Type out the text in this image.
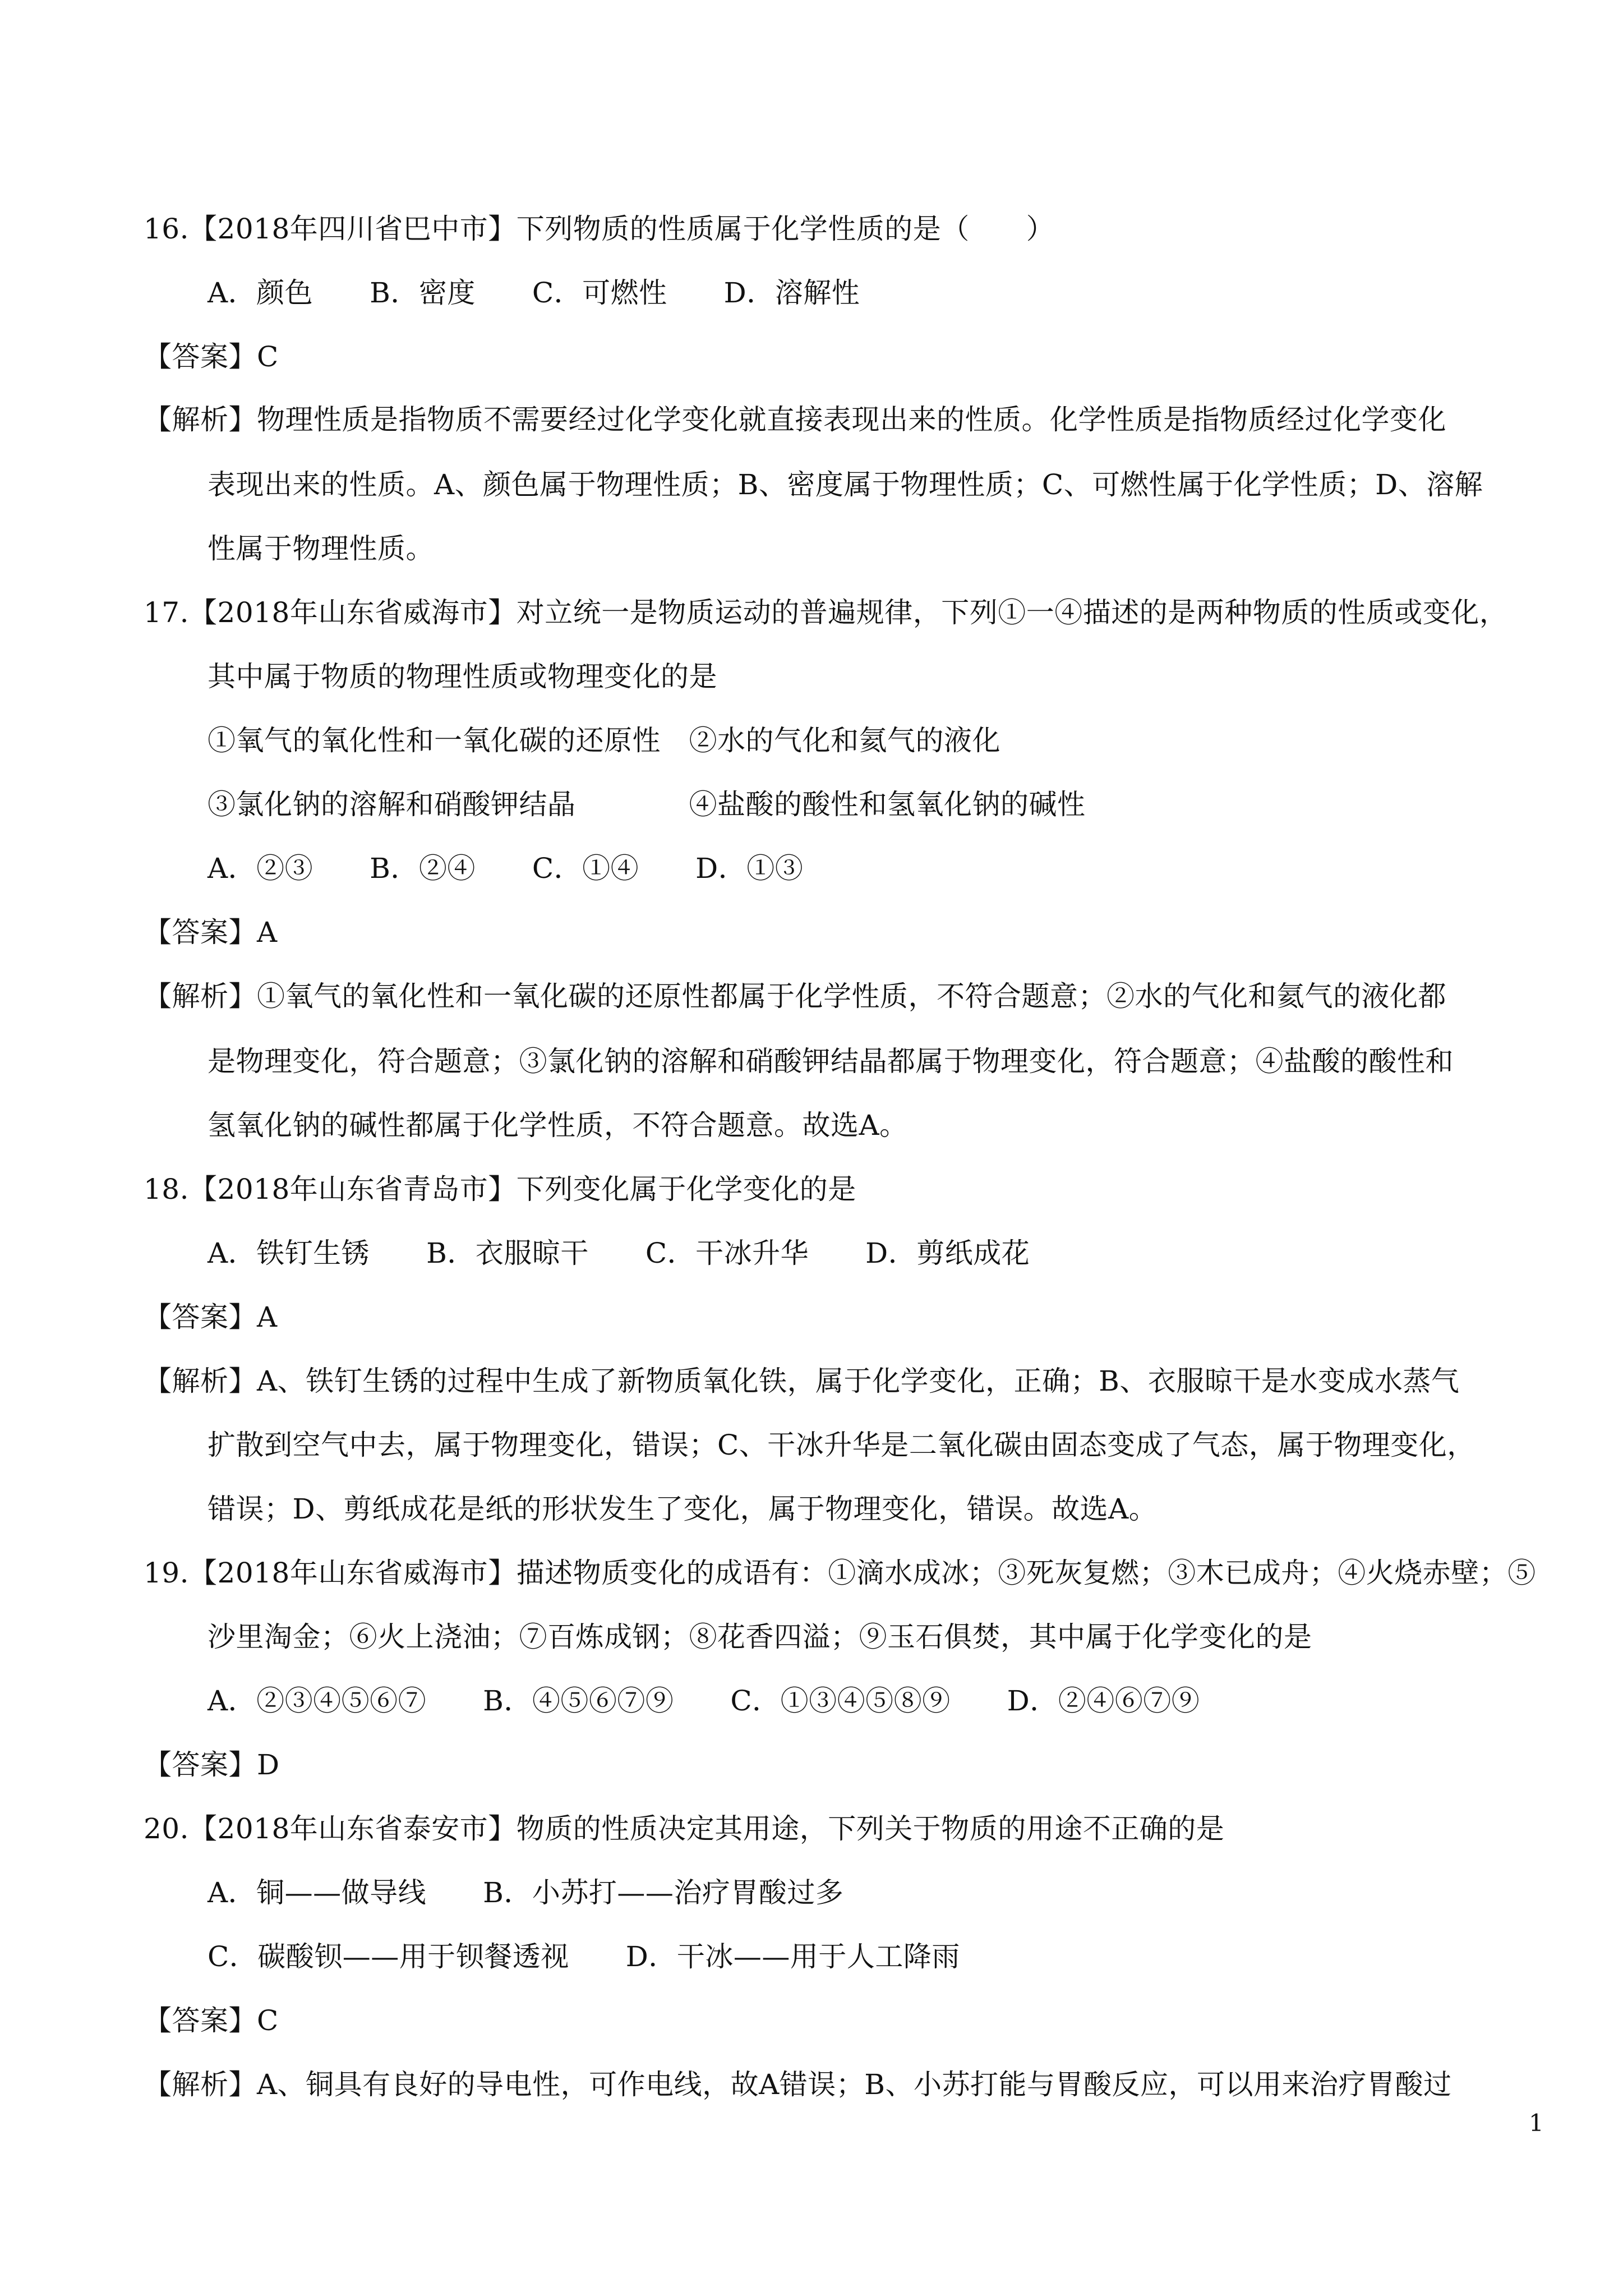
16.【2018年四川省巴中市】下列物质的性质属于化学性质的是（　　）
A．颜色　　B．密度　　C．可燃性　　D．溶解性
【答案】C
【解析】物理性质是指物质不需要经过化学变化就直接表现出来的性质。化学性质是指物质经过化学变化
表现出来的性质。A、颜色属于物理性质；B、密度属于物理性质；C、可燃性属于化学性质；D、溶解
性属于物理性质。
17.【2018年山东省威海市】对立统一是物质运动的普遍规律，下列①一④描述的是两种物质的性质或变化，
其中属于物质的物理性质或物理变化的是
①氧气的氧化性和一氧化碳的还原性　②水的气化和氦气的液化
③氯化钠的溶解和硝酸钾结晶　　　　④盐酸的酸性和氢氧化钠的碱性
A．②③　　B．②④　　C．①④　　D．①③
【答案】A
【解析】①氧气的氧化性和一氧化碳的还原性都属于化学性质，不符合题意；②水的气化和氦气的液化都
是物理变化，符合题意；③氯化钠的溶解和硝酸钾结晶都属于物理变化，符合题意；④盐酸的酸性和
氢氧化钠的碱性都属于化学性质，不符合题意。故选A。
18.【2018年山东省青岛市】下列变化属于化学变化的是
A．铁钉生锈　　B．衣服晾干　　C．干冰升华　　D．剪纸成花
【答案】A
【解析】A、铁钉生锈的过程中生成了新物质氧化铁，属于化学变化，正确；B、衣服晾干是水变成水蒸气
扩散到空气中去，属于物理变化，错误；C、干冰升华是二氧化碳由固态变成了气态，属于物理变化，
错误；D、剪纸成花是纸的形状发生了变化，属于物理变化，错误。故选A。
19.【2018年山东省威海市】描述物质变化的成语有：①滴水成冰；③死灰复燃；③木已成舟；④火烧赤壁；⑤
沙里淘金；⑥火上浇油；⑦百炼成钢；⑧花香四溢；⑨玉石俱焚，其中属于化学变化的是
A．②③④⑤⑥⑦　　B．④⑤⑥⑦⑨　　C．①③④⑤⑧⑨　　D．②④⑥⑦⑨
【答案】D
20.【2018年山东省泰安市】物质的性质决定其用途，下列关于物质的用途不正确的是
A．铜——做导线　　B．小苏打——治疗胃酸过多
C．碳酸钡——用于钡餐透视　　D．干冰——用于人工降雨
【答案】C
【解析】A、铜具有良好的导电性，可作电线，故A错误；B、小苏打能与胃酸反应，可以用来治疗胃酸过
1
